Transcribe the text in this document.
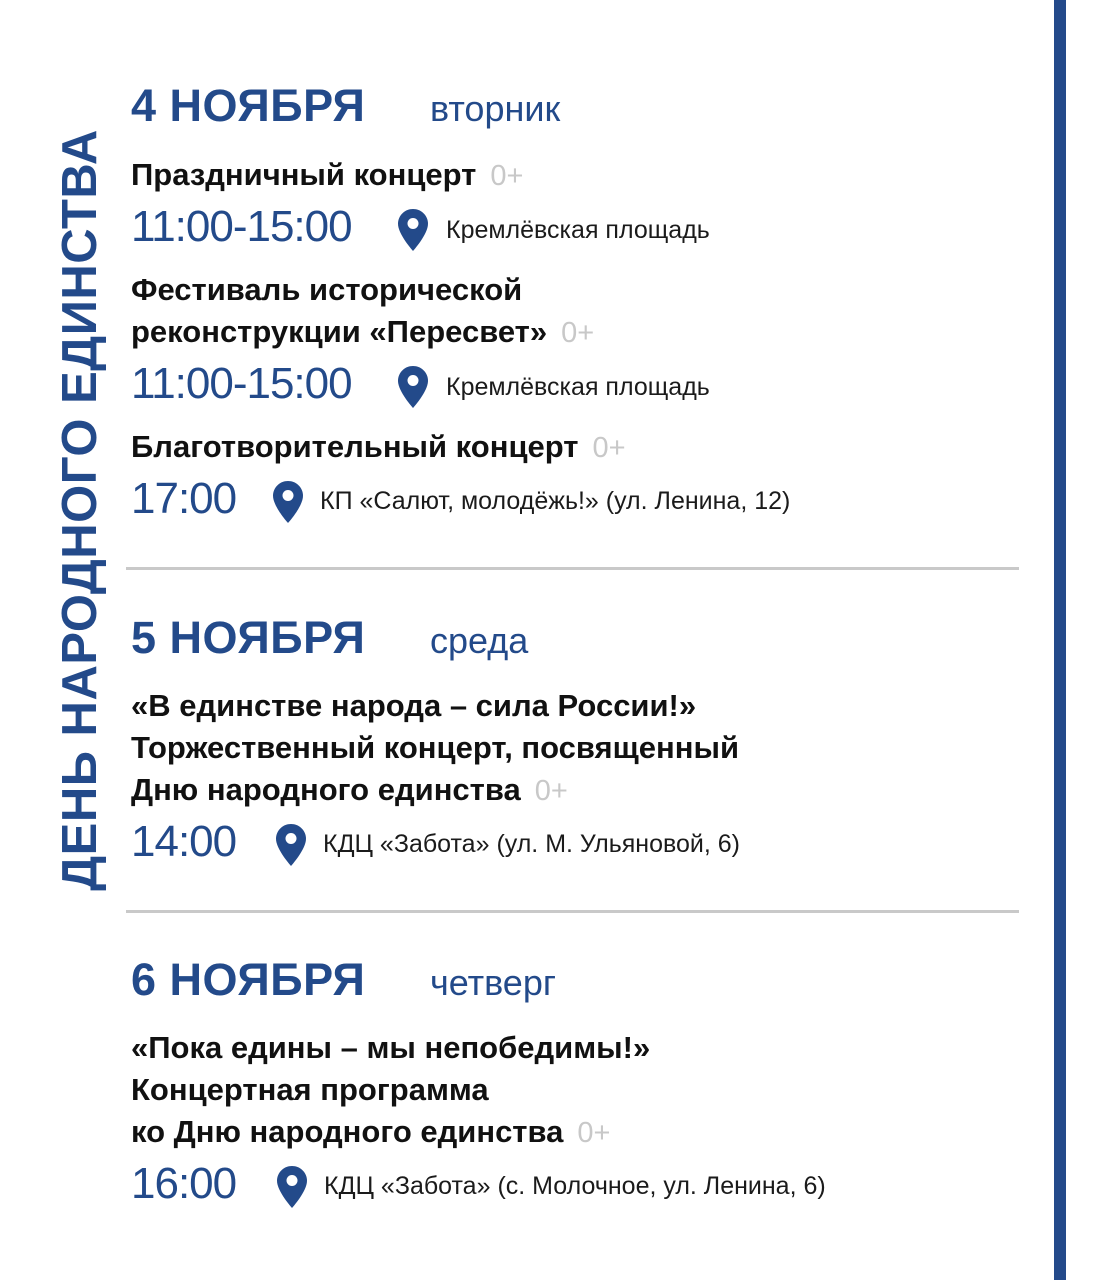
ДЕНЬ НАРОДНОГО ЕДИНСТВА
4 НОЯБРЯ вторник
Праздничный концерт 0+
11:00-15:00	Кремлёвская площадь
Фестиваль исторической
реконструкции «Пересвет» 0+
11:00-15:00	Кремлёвская площадь
Благотворительный концерт 0+
17:00	КП «Салют, молодёжь!» (ул. Ленина, 12)
5 НОЯБРЯ среда
«В единстве народа – сила России!»
Торжественный концерт, посвященный
Дню народного единства 0+
14:00	КДЦ «Забота» (ул. М. Ульяновой, 6)
6 НОЯБРЯ четверг
«Пока едины – мы непобедимы!»
Концертная программа
ко Дню народного единства 0+
16:00	КДЦ «Забота» (с. Молочное, ул. Ленина, 6)
